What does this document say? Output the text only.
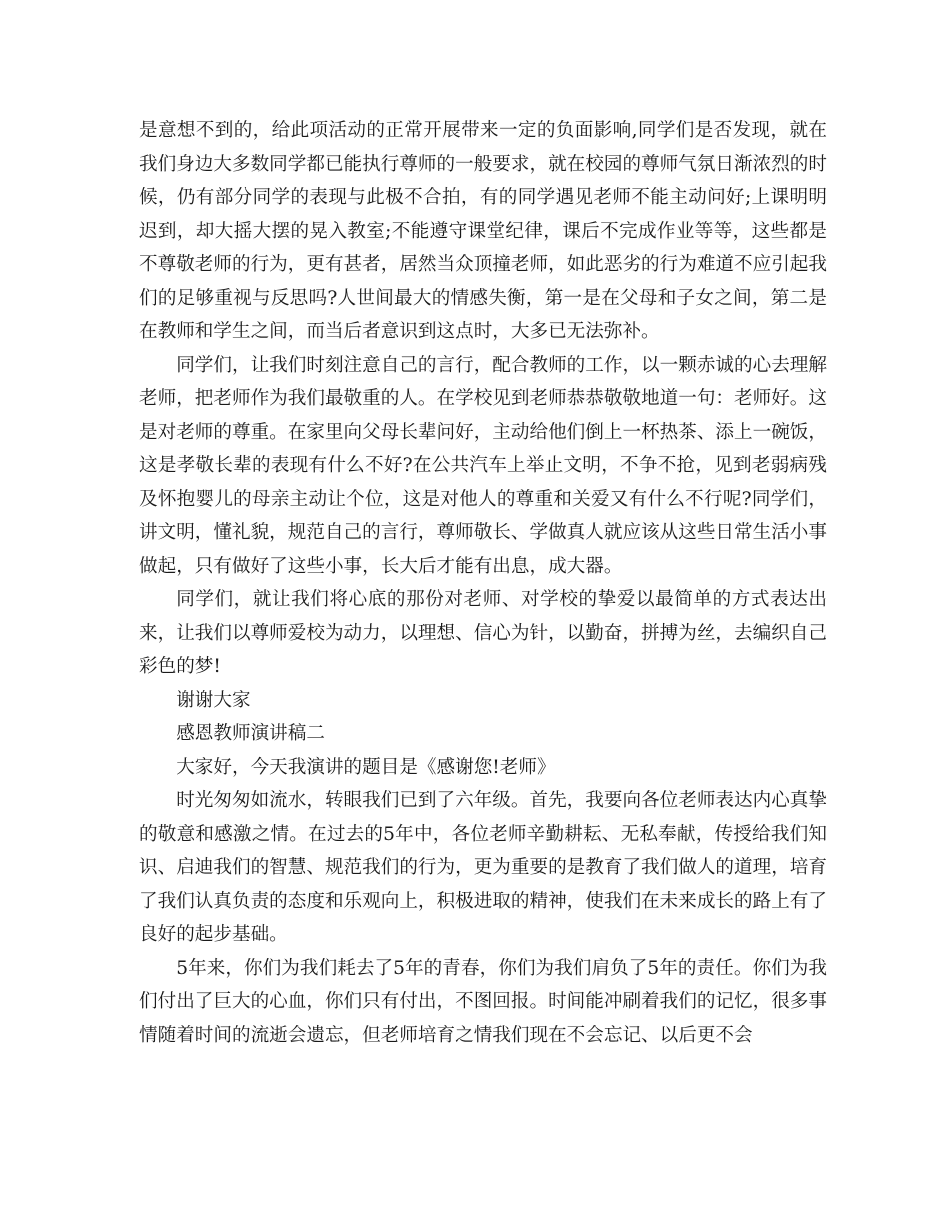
是意想不到的，给此项活动的正常开展带来一定的负面影响,同学们是否发现，就在我们身边大多数同学都已能执行尊师的一般要求，就在校园的尊师气氛日渐浓烈的时候，仍有部分同学的表现与此极不合拍，有的同学遇见老师不能主动问好;上课明明迟到，却大摇大摆的晃入教室;不能遵守课堂纪律，课后不完成作业等等，这些都是不尊敬老师的行为，更有甚者，居然当众顶撞老师，如此恶劣的行为难道不应引起我们的足够重视与反思吗?人世间最大的情感失衡，第一是在父母和子女之间，第二是在教师和学生之间，而当后者意识到这点时，大多已无法弥补。

同学们，让我们时刻注意自己的言行，配合教师的工作，以一颗赤诚的心去理解老师，把老师作为我们最敬重的人。在学校见到老师恭恭敬敬地道一句：老师好。这是对老师的尊重。在家里向父母长辈问好，主动给他们倒上一杯热茶、添上一碗饭，这是孝敬长辈的表现有什么不好?在公共汽车上举止文明，不争不抢，见到老弱病残及怀抱婴儿的母亲主动让个位，这是对他人的尊重和关爱又有什么不行呢?同学们，讲文明，懂礼貌，规范自己的言行，尊师敬长、学做真人就应该从这些日常生活小事做起，只有做好了这些小事，长大后才能有出息，成大器。

同学们，就让我们将心底的那份对老师、对学校的挚爱以最简单的方式表达出来，让我们以尊师爱校为动力，以理想、信心为针，以勤奋，拼搏为丝，去编织自己彩色的梦!

谢谢大家

感恩教师演讲稿二

大家好，今天我演讲的题目是《感谢您!老师》

时光匆匆如流水，转眼我们已到了六年级。首先，我要向各位老师表达内心真挚的敬意和感激之情。在过去的5年中，各位老师辛勤耕耘、无私奉献，传授给我们知识、启迪我们的智慧、规范我们的行为，更为重要的是教育了我们做人的道理，培育了我们认真负责的态度和乐观向上，积极进取的精神，使我们在未来成长的路上有了良好的起步基础。

5年来，你们为我们耗去了5年的青春，你们为我们肩负了5年的责任。你们为我们付出了巨大的心血，你们只有付出，不图回报。时间能冲刷着我们的记忆，很多事情随着时间的流逝会遗忘，但老师培育之情我们现在不会忘记、以后更不会
